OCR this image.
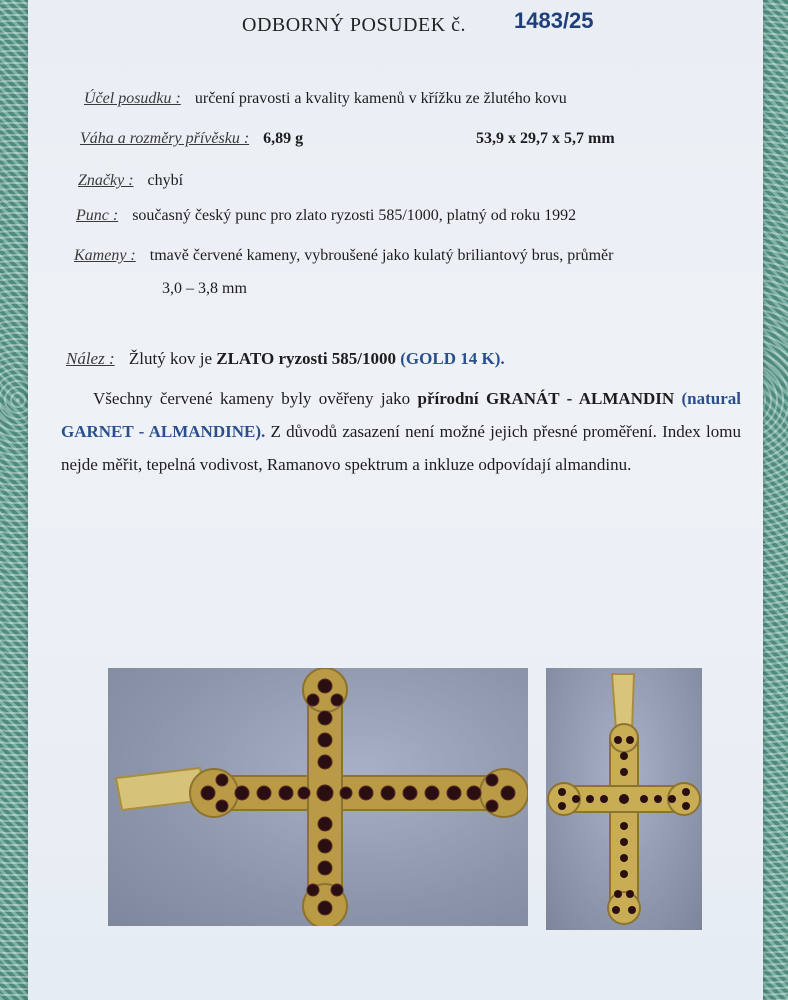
ODBORNÝ POSUDEK č. 1483/25
Účel posudku : určení pravosti a kvality kamenů v křížku ze žlutého kovu
Váha a rozměry přívěsku : 6,89 g	53,9 x 29,7 x 5,7 mm
Značky : chybí
Punc : současný český punc pro zlato ryzosti 585/1000, platný od roku 1992
Kameny : tmavě červené kameny, vybroušené jako kulatý briliantový brus, průměr
3,0 – 3,8 mm
Nález : Žlutý kov je ZLATO ryzosti 585/1000 (GOLD 14 K).
Všechny červené kameny byly ověřeny jako přírodní GRANÁT - ALMANDIN (natural GARNET - ALMANDINE). Z důvodů zasazení není možné jejich přesné proměření. Index lomu nejde měřit, tepelná vodivost, Ramanovo spektrum a inkluze odpovídají almandinu.
